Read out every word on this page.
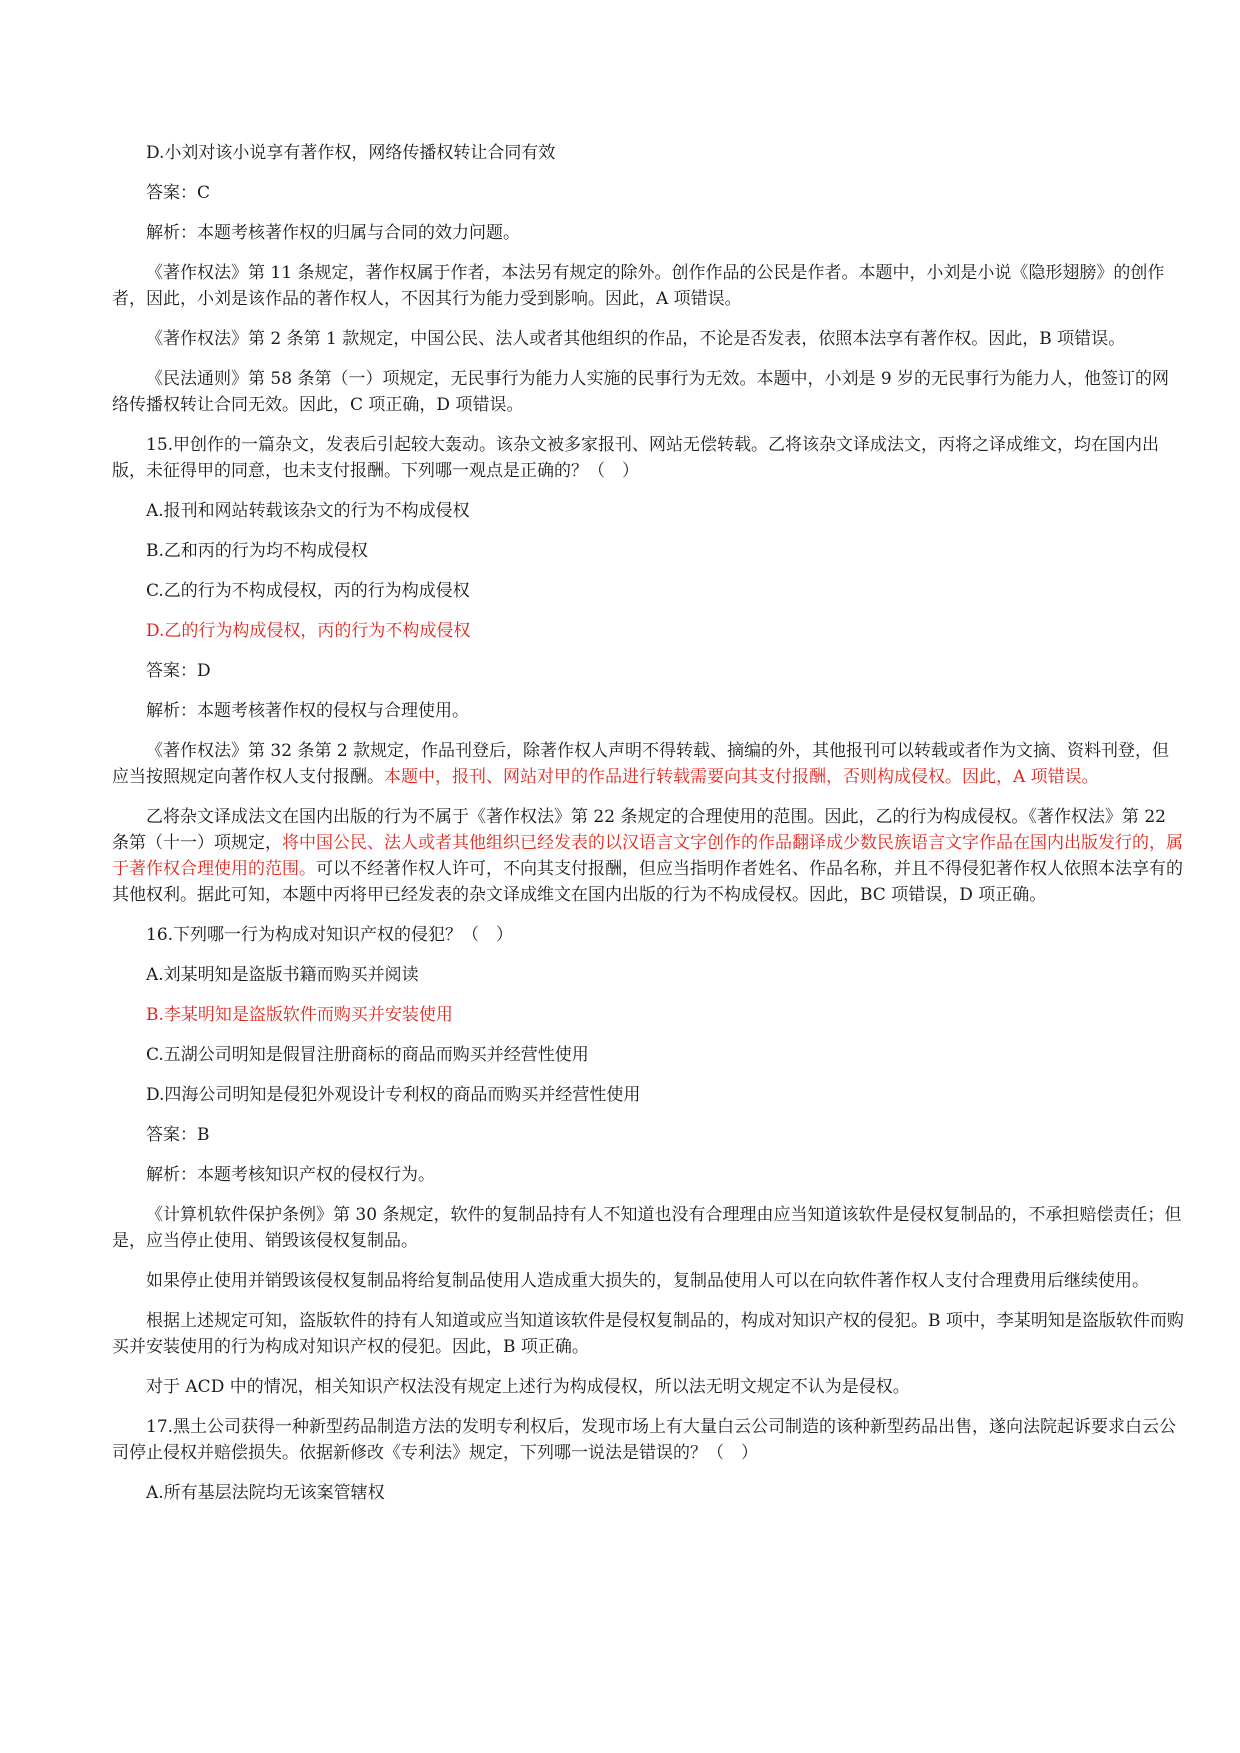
D.小刘对该小说享有著作权，网络传播权转让合同有效

答案：C

解析：本题考核著作权的归属与合同的效力问题。

《著作权法》第 11 条规定，著作权属于作者，本法另有规定的除外。创作作品的公民是作者。本题中，小刘是小说《隐形翅膀》的创作者，因此，小刘是该作品的著作权人，不因其行为能力受到影响。因此，A 项错误。

《著作权法》第 2 条第 1 款规定，中国公民、法人或者其他组织的作品，不论是否发表，依照本法享有著作权。因此，B 项错误。

《民法通则》第 58 条第（一）项规定，无民事行为能力人实施的民事行为无效。本题中，小刘是 9 岁的无民事行为能力人，他签订的网络传播权转让合同无效。因此，C 项正确，D 项错误。

15.甲创作的一篇杂文，发表后引起较大轰动。该杂文被多家报刊、网站无偿转载。乙将该杂文译成法文，丙将之译成维文，均在国内出版，未征得甲的同意，也未支付报酬。下列哪一观点是正确的？（　）

A.报刊和网站转载该杂文的行为不构成侵权

B.乙和丙的行为均不构成侵权

C.乙的行为不构成侵权，丙的行为构成侵权

D.乙的行为构成侵权，丙的行为不构成侵权

答案：D

解析：本题考核著作权的侵权与合理使用。

《著作权法》第 32 条第 2 款规定，作品刊登后，除著作权人声明不得转载、摘编的外，其他报刊可以转载或者作为文摘、资料刊登，但应当按照规定向著作权人支付报酬。本题中，报刊、网站对甲的作品进行转载需要向其支付报酬，否则构成侵权。因此，A 项错误。

乙将杂文译成法文在国内出版的行为不属于《著作权法》第 22 条规定的合理使用的范围。因此，乙的行为构成侵权。《著作权法》第 22 条第（十一）项规定，将中国公民、法人或者其他组织已经发表的以汉语言文字创作的作品翻译成少数民族语言文字作品在国内出版发行的，属于著作权合理使用的范围。可以不经著作权人许可，不向其支付报酬，但应当指明作者姓名、作品名称，并且不得侵犯著作权人依照本法享有的其他权利。据此可知，本题中丙将甲已经发表的杂文译成维文在国内出版的行为不构成侵权。因此，BC 项错误，D 项正确。

16.下列哪一行为构成对知识产权的侵犯？（　）

A.刘某明知是盗版书籍而购买并阅读

B.李某明知是盗版软件而购买并安装使用

C.五湖公司明知是假冒注册商标的商品而购买并经营性使用

D.四海公司明知是侵犯外观设计专利权的商品而购买并经营性使用

答案：B

解析：本题考核知识产权的侵权行为。

《计算机软件保护条例》第 30 条规定，软件的复制品持有人不知道也没有合理理由应当知道该软件是侵权复制品的，不承担赔偿责任；但是，应当停止使用、销毁该侵权复制品。

如果停止使用并销毁该侵权复制品将给复制品使用人造成重大损失的，复制品使用人可以在向软件著作权人支付合理费用后继续使用。

根据上述规定可知，盗版软件的持有人知道或应当知道该软件是侵权复制品的，构成对知识产权的侵犯。B 项中，李某明知是盗版软件而购买并安装使用的行为构成对知识产权的侵犯。因此，B 项正确。

对于 ACD 中的情况，相关知识产权法没有规定上述行为构成侵权，所以法无明文规定不认为是侵权。

17.黑土公司获得一种新型药品制造方法的发明专利权后，发现市场上有大量白云公司制造的该种新型药品出售，遂向法院起诉要求白云公司停止侵权并赔偿损失。依据新修改《专利法》规定，下列哪一说法是错误的？（　）

A.所有基层法院均无该案管辖权
